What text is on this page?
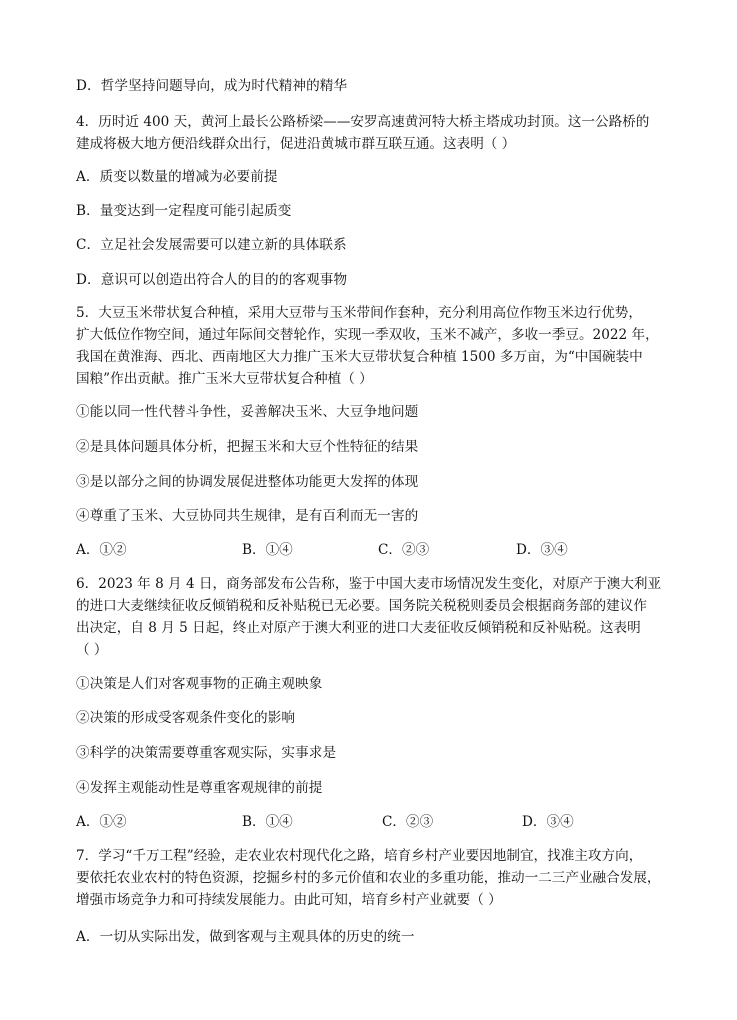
D．哲学坚持问题导向，成为时代精神的精华

4．历时近 400 天，黄河上最长公路桥梁——安罗高速黄河特大桥主塔成功封顶。这一公路桥的

建成将极大地方便沿线群众出行，促进沿黄城市群互联互通。这表明（ ）

A．质变以数量的增减为必要前提
B．量变达到一定程度可能引起质变
C．立足社会发展需要可以建立新的具体联系
D．意识可以创造出符合人的目的的客观事物

5．大豆玉米带状复合种植，采用大豆带与玉米带间作套种，充分利用高位作物玉米边行优势，

扩大低位作物空间，通过年际间交替轮作，实现一季双收，玉米不减产，多收一季豆。2022 年，

我国在黄淮海、西北、西南地区大力推广玉米大豆带状复合种植 1500 多万亩，为“中国碗装中

国粮”作出贡献。推广玉米大豆带状复合种植（ ）

①能以同一性代替斗争性，妥善解决玉米、大豆争地问题
②是具体问题具体分析，把握玉米和大豆个性特征的结果
③是以部分之间的协调发展促进整体功能更大发挥的体现
④尊重了玉米、大豆协同共生规律，是有百利而无一害的
A．①②	B．①④	C．②③	D．③④

6．2023 年 8 月 4 日，商务部发布公告称，鉴于中国大麦市场情况发生变化，对原产于澳大利亚

的进口大麦继续征收反倾销税和反补贴税已无必要。国务院关税税则委员会根据商务部的建议作

出决定，自 8 月 5 日起，终止对原产于澳大利亚的进口大麦征收反倾销税和反补贴税。这表明

（ ）

①决策是人们对客观事物的正确主观映象
②决策的形成受客观条件变化的影响
③科学的决策需要尊重客观实际，实事求是
④发挥主观能动性是尊重客观规律的前提
A．①②	B．①④	C．②③	D．③④

7．学习“千万工程”经验，走农业农村现代化之路，培育乡村产业要因地制宜，找准主攻方向，

要依托农业农村的特色资源，挖掘乡村的多元价值和农业的多重功能，推动一二三产业融合发展，

增强市场竞争力和可持续发展能力。由此可知，培育乡村产业就要（ ）

A．一切从实际出发，做到客观与主观具体的历史的统一
